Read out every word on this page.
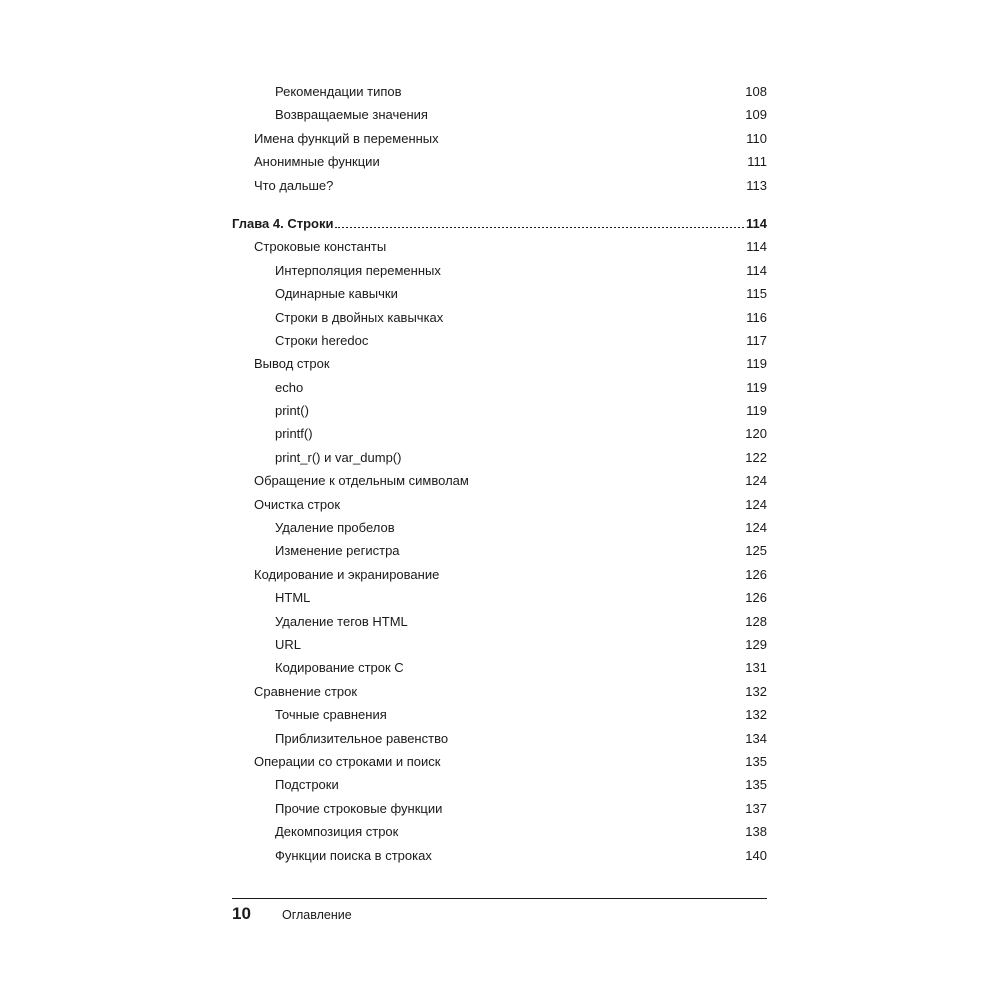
Рекомендации типов	108
Возвращаемые значения	109
Имена функций в переменных	110
Анонимные функции	111
Что дальше?	113
Глава 4. Строки	114
Строковые константы	114
Интерполяция переменных	114
Одинарные кавычки	115
Строки в двойных кавычках	116
Строки heredoc	117
Вывод строк	119
echo	119
print()	119
printf()	120
print_r() и var_dump()	122
Обращение к отдельным символам	124
Очистка строк	124
Удаление пробелов	124
Изменение регистра	125
Кодирование и экранирование	126
HTML	126
Удаление тегов HTML	128
URL	129
Кодирование строк C	131
Сравнение строк	132
Точные сравнения	132
Приблизительное равенство	134
Операции со строками и поиск	135
Подстроки	135
Прочие строковые функции	137
Декомпозиция строк	138
Функции поиска в строках	140
10	Оглавление
